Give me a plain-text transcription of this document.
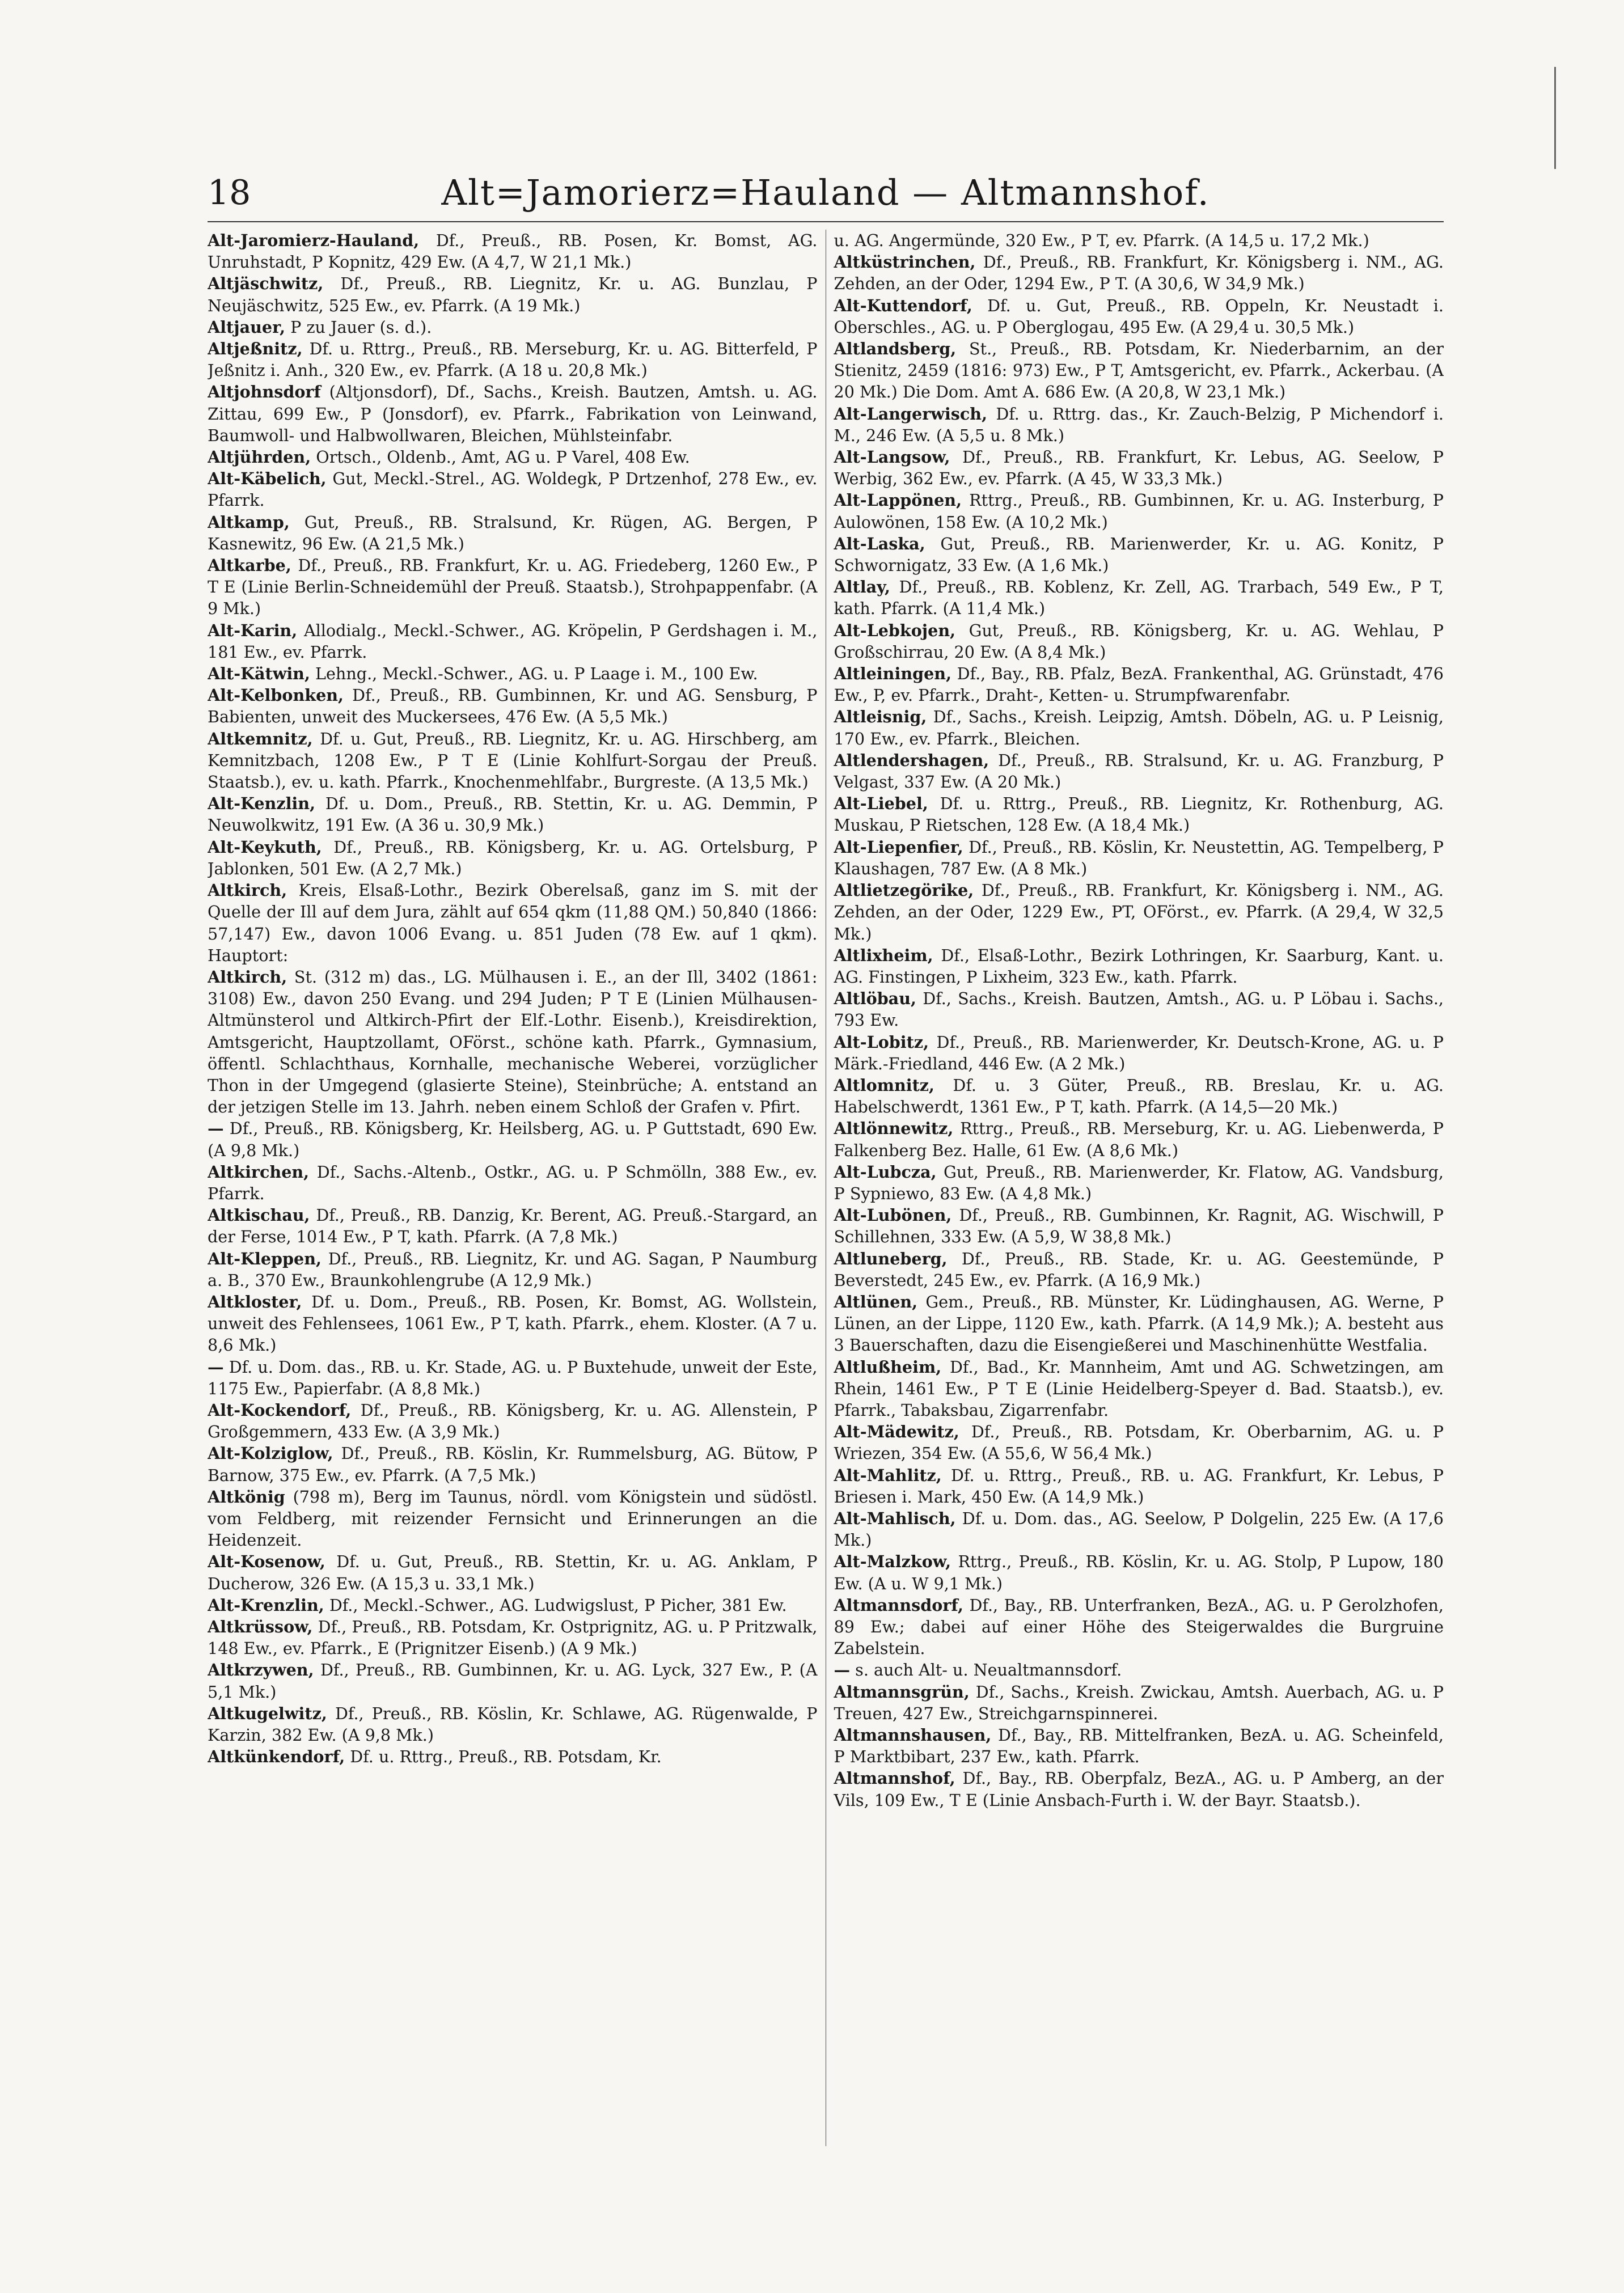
18	Alt=Jamorierz=Hauland — Altmannshof.

Alt-Jaromierz-Hauland, Df., Preuß., RB. Posen, Kr. Bomst, AG. Unruhstadt, P Kopnitz, 429 Ew. (A 4,7, W 21,1 Mk.)

Altjäschwitz, Df., Preuß., RB. Liegnitz, Kr. u. AG. Bunzlau, P Neujäschwitz, 525 Ew., ev. Pfarrk. (A 19 Mk.)

Altjauer, P zu Jauer (s. d.).

Altjeßnitz, Df. u. Rttrg., Preuß., RB. Merseburg, Kr. u. AG. Bitterfeld, P Jeßnitz i. Anh., 320 Ew., ev. Pfarrk. (A 18 u. 20,8 Mk.)

Altjohnsdorf (Altjonsdorf), Df., Sachs., Kreish. Bautzen, Amtsh. u. AG. Zittau, 699 Ew., P (Jonsdorf), ev. Pfarrk., Fabrikation von Leinwand, Baumwoll- und Halbwollwaren, Bleichen, Mühlsteinfabr.

Altjührden, Ortsch., Oldenb., Amt, AG u. P Varel, 408 Ew.

Alt-Käbelich, Gut, Meckl.-Strel., AG. Woldegk, P Drtzenhof, 278 Ew., ev. Pfarrk.

Altkamp, Gut, Preuß., RB. Stralsund, Kr. Rügen, AG. Bergen, P Kasnewitz, 96 Ew. (A 21,5 Mk.)

Altkarbe, Df., Preuß., RB. Frankfurt, Kr. u. AG. Friedeberg, 1260 Ew., P T E (Linie Berlin-Schneidemühl der Preuß. Staatsb.), Strohpappenfabr. (A 9 Mk.)

Alt-Karin, Allodialg., Meckl.-Schwer., AG. Kröpelin, P Gerdshagen i. M., 181 Ew., ev. Pfarrk.

Alt-Kätwin, Lehng., Meckl.-Schwer., AG. u. P Laage i. M., 100 Ew.

Alt-Kelbonken, Df., Preuß., RB. Gumbinnen, Kr. und AG. Sensburg, P Babienten, unweit des Muckersees, 476 Ew. (A 5,5 Mk.)

Altkemnitz, Df. u. Gut, Preuß., RB. Liegnitz, Kr. u. AG. Hirschberg, am Kemnitzbach, 1208 Ew., P T E (Linie Kohlfurt-Sorgau der Preuß. Staatsb.), ev. u. kath. Pfarrk., Knochenmehlfabr., Burgreste. (A 13,5 Mk.)

Alt-Kenzlin, Df. u. Dom., Preuß., RB. Stettin, Kr. u. AG. Demmin, P Neuwolkwitz, 191 Ew. (A 36 u. 30,9 Mk.)

Alt-Keykuth, Df., Preuß., RB. Königsberg, Kr. u. AG. Ortelsburg, P Jablonken, 501 Ew. (A 2,7 Mk.)

Altkirch, Kreis, Elsaß-Lothr., Bezirk Oberelsaß, ganz im S. mit der Quelle der Ill auf dem Jura, zählt auf 654 qkm (11,88 QM.) 50,840 (1866: 57,147) Ew., davon 1006 Evang. u. 851 Juden (78 Ew. auf 1 qkm). Hauptort:

Altkirch, St. (312 m) das., LG. Mülhausen i. E., an der Ill, 3402 (1861: 3108) Ew., davon 250 Evang. und 294 Juden; P T E (Linien Mülhausen-Altmünsterol und Altkirch-Pfirt der Elf.-Lothr. Eisenb.), Kreisdirektion, Amtsgericht, Hauptzollamt, OFörst., schöne kath. Pfarrk., Gymnasium, öffentl. Schlachthaus, Kornhalle, mechanische Weberei, vorzüglicher Thon in der Umgegend (glasierte Steine), Steinbrüche; A. entstand an der jetzigen Stelle im 13. Jahrh. neben einem Schloß der Grafen v. Pfirt.

— Df., Preuß., RB. Königsberg, Kr. Heilsberg, AG. u. P Guttstadt, 690 Ew. (A 9,8 Mk.)

Altkirchen, Df., Sachs.-Altenb., Ostkr., AG. u. P Schmölln, 388 Ew., ev. Pfarrk.

Altkischau, Df., Preuß., RB. Danzig, Kr. Berent, AG. Preuß.-Stargard, an der Ferse, 1014 Ew., P T, kath. Pfarrk. (A 7,8 Mk.)

Alt-Kleppen, Df., Preuß., RB. Liegnitz, Kr. und AG. Sagan, P Naumburg a. B., 370 Ew., Braunkohlengrube (A 12,9 Mk.)

Altkloster, Df. u. Dom., Preuß., RB. Posen, Kr. Bomst, AG. Wollstein, unweit des Fehlensees, 1061 Ew., P T, kath. Pfarrk., ehem. Kloster. (A 7 u. 8,6 Mk.)

— Df. u. Dom. das., RB. u. Kr. Stade, AG. u. P Buxtehude, unweit der Este, 1175 Ew., Papierfabr. (A 8,8 Mk.)

Alt-Kockendorf, Df., Preuß., RB. Königsberg, Kr. u. AG. Allenstein, P Großgemmern, 433 Ew. (A 3,9 Mk.)

Alt-Kolziglow, Df., Preuß., RB. Köslin, Kr. Rummelsburg, AG. Bütow, P Barnow, 375 Ew., ev. Pfarrk. (A 7,5 Mk.)

Altkönig (798 m), Berg im Taunus, nördl. vom Königstein und südöstl. vom Feldberg, mit reizender Fernsicht und Erinnerungen an die Heidenzeit.

Alt-Kosenow, Df. u. Gut, Preuß., RB. Stettin, Kr. u. AG. Anklam, P Ducherow, 326 Ew. (A 15,3 u. 33,1 Mk.)

Alt-Krenzlin, Df., Meckl.-Schwer., AG. Ludwigslust, P Picher, 381 Ew.

Altkrüssow, Df., Preuß., RB. Potsdam, Kr. Ostprignitz, AG. u. P Pritzwalk, 148 Ew., ev. Pfarrk., E (Prignitzer Eisenb.) (A 9 Mk.)

Altkrzywen, Df., Preuß., RB. Gumbinnen, Kr. u. AG. Lyck, 327 Ew., P. (A 5,1 Mk.)

Altkugelwitz, Df., Preuß., RB. Köslin, Kr. Schlawe, AG. Rügenwalde, P Karzin, 382 Ew. (A 9,8 Mk.)

Altkünkendorf, Df. u. Rttrg., Preuß., RB. Potsdam, Kr.

u. AG. Angermünde, 320 Ew., P T, ev. Pfarrk. (A 14,5 u. 17,2 Mk.)

Altküstrinchen, Df., Preuß., RB. Frankfurt, Kr. Königsberg i. NM., AG. Zehden, an der Oder, 1294 Ew., P T. (A 30,6, W 34,9 Mk.)

Alt-Kuttendorf, Df. u. Gut, Preuß., RB. Oppeln, Kr. Neustadt i. Oberschles., AG. u. P Oberglogau, 495 Ew. (A 29,4 u. 30,5 Mk.)

Altlandsberg, St., Preuß., RB. Potsdam, Kr. Niederbarnim, an der Stienitz, 2459 (1816: 973) Ew., P T, Amtsgericht, ev. Pfarrk., Ackerbau. (A 20 Mk.) Die Dom. Amt A. 686 Ew. (A 20,8, W 23,1 Mk.)

Alt-Langerwisch, Df. u. Rttrg. das., Kr. Zauch-Belzig, P Michendorf i. M., 246 Ew. (A 5,5 u. 8 Mk.)

Alt-Langsow, Df., Preuß., RB. Frankfurt, Kr. Lebus, AG. Seelow, P Werbig, 362 Ew., ev. Pfarrk. (A 45, W 33,3 Mk.)

Alt-Lappönen, Rttrg., Preuß., RB. Gumbinnen, Kr. u. AG. Insterburg, P Aulowönen, 158 Ew. (A 10,2 Mk.)

Alt-Laska, Gut, Preuß., RB. Marienwerder, Kr. u. AG. Konitz, P Schwornigatz, 33 Ew. (A 1,6 Mk.)

Altlay, Df., Preuß., RB. Koblenz, Kr. Zell, AG. Trarbach, 549 Ew., P T, kath. Pfarrk. (A 11,4 Mk.)

Alt-Lebkojen, Gut, Preuß., RB. Königsberg, Kr. u. AG. Wehlau, P Großschirrau, 20 Ew. (A 8,4 Mk.)

Altleiningen, Df., Bay., RB. Pfalz, BezA. Frankenthal, AG. Grünstadt, 476 Ew., P, ev. Pfarrk., Draht-, Ketten- u. Strumpfwarenfabr.

Altleisnig, Df., Sachs., Kreish. Leipzig, Amtsh. Döbeln, AG. u. P Leisnig, 170 Ew., ev. Pfarrk., Bleichen.

Altlendershagen, Df., Preuß., RB. Stralsund, Kr. u. AG. Franzburg, P Velgast, 337 Ew. (A 20 Mk.)

Alt-Liebel, Df. u. Rttrg., Preuß., RB. Liegnitz, Kr. Rothenburg, AG. Muskau, P Rietschen, 128 Ew. (A 18,4 Mk.)

Alt-Liepenfier, Df., Preuß., RB. Köslin, Kr. Neustettin, AG. Tempelberg, P Klaushagen, 787 Ew. (A 8 Mk.)

Altlietzegörike, Df., Preuß., RB. Frankfurt, Kr. Königsberg i. NM., AG. Zehden, an der Oder, 1229 Ew., PT, OFörst., ev. Pfarrk. (A 29,4, W 32,5 Mk.)

Altlixheim, Df., Elsaß-Lothr., Bezirk Lothringen, Kr. Saarburg, Kant. u. AG. Finstingen, P Lixheim, 323 Ew., kath. Pfarrk.

Altlöbau, Df., Sachs., Kreish. Bautzen, Amtsh., AG. u. P Löbau i. Sachs., 793 Ew.

Alt-Lobitz, Df., Preuß., RB. Marienwerder, Kr. Deutsch-Krone, AG. u. P Märk.-Friedland, 446 Ew. (A 2 Mk.)

Altlomnitz, Df. u. 3 Güter, Preuß., RB. Breslau, Kr. u. AG. Habelschwerdt, 1361 Ew., P T, kath. Pfarrk. (A 14,5—20 Mk.)

Altlönnewitz, Rttrg., Preuß., RB. Merseburg, Kr. u. AG. Liebenwerda, P Falkenberg Bez. Halle, 61 Ew. (A 8,6 Mk.)

Alt-Lubcza, Gut, Preuß., RB. Marienwerder, Kr. Flatow, AG. Vandsburg, P Sypniewo, 83 Ew. (A 4,8 Mk.)

Alt-Lubönen, Df., Preuß., RB. Gumbinnen, Kr. Ragnit, AG. Wischwill, P Schillehnen, 333 Ew. (A 5,9, W 38,8 Mk.)

Altluneberg, Df., Preuß., RB. Stade, Kr. u. AG. Geestemünde, P Beverstedt, 245 Ew., ev. Pfarrk. (A 16,9 Mk.)

Altlünen, Gem., Preuß., RB. Münster, Kr. Lüdinghausen, AG. Werne, P Lünen, an der Lippe, 1120 Ew., kath. Pfarrk. (A 14,9 Mk.); A. besteht aus 3 Bauerschaften, dazu die Eisengießerei und Maschinenhütte Westfalia.

Altlußheim, Df., Bad., Kr. Mannheim, Amt und AG. Schwetzingen, am Rhein, 1461 Ew., P T E (Linie Heidelberg-Speyer d. Bad. Staatsb.), ev. Pfarrk., Tabaksbau, Zigarrenfabr.

Alt-Mädewitz, Df., Preuß., RB. Potsdam, Kr. Oberbarnim, AG. u. P Wriezen, 354 Ew. (A 55,6, W 56,4 Mk.)

Alt-Mahlitz, Df. u. Rttrg., Preuß., RB. u. AG. Frankfurt, Kr. Lebus, P Briesen i. Mark, 450 Ew. (A 14,9 Mk.)

Alt-Mahlisch, Df. u. Dom. das., AG. Seelow, P Dolgelin, 225 Ew. (A 17,6 Mk.)

Alt-Malzkow, Rttrg., Preuß., RB. Köslin, Kr. u. AG. Stolp, P Lupow, 180 Ew. (A u. W 9,1 Mk.)

Altmannsdorf, Df., Bay., RB. Unterfranken, BezA., AG. u. P Gerolzhofen, 89 Ew.; dabei auf einer Höhe des Steigerwaldes die Burgruine Zabelstein.

— s. auch Alt- u. Neualtmannsdorf.

Altmannsgrün, Df., Sachs., Kreish. Zwickau, Amtsh. Auerbach, AG. u. P Treuen, 427 Ew., Streichgarnspinnerei.

Altmannshausen, Df., Bay., RB. Mittelfranken, BezA. u. AG. Scheinfeld, P Marktbibart, 237 Ew., kath. Pfarrk.

Altmannshof, Df., Bay., RB. Oberpfalz, BezA., AG. u. P Amberg, an der Vils, 109 Ew., T E (Linie Ansbach-Furth i. W. der Bayr. Staatsb.).
